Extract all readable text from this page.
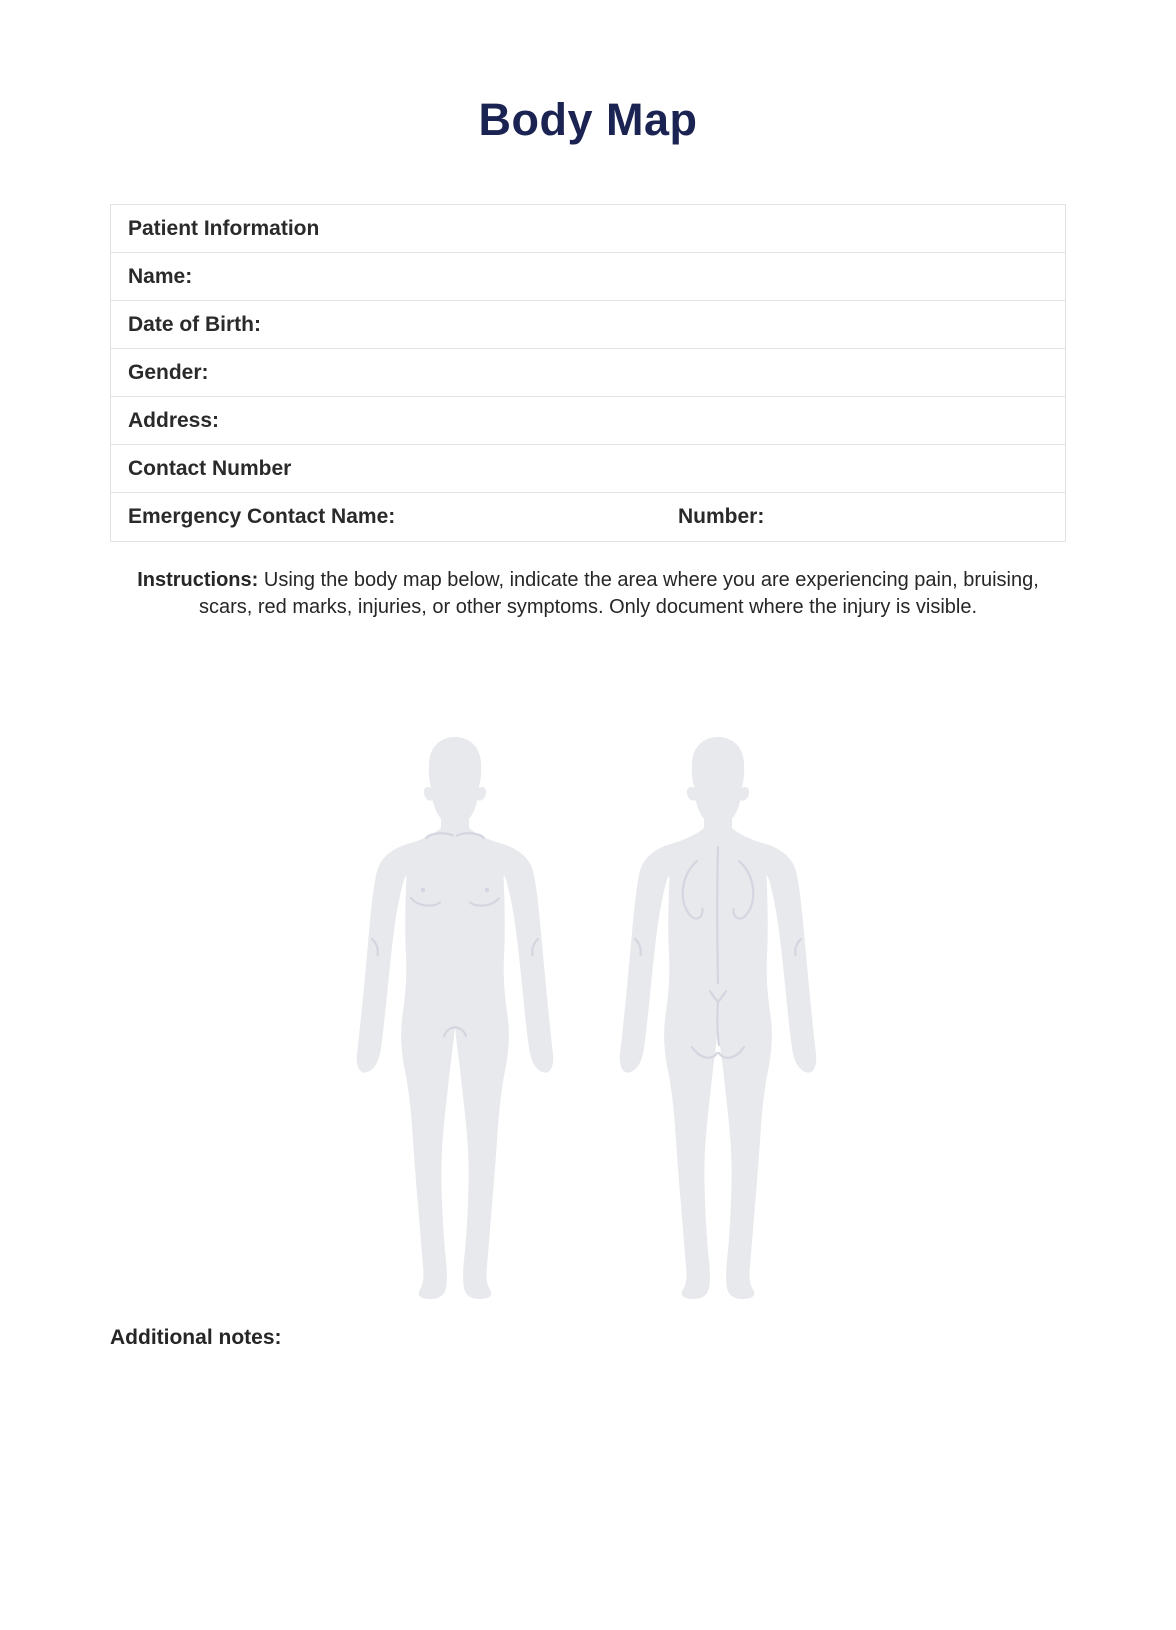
Body Map
Patient Information
Name:
Date of Birth:
Gender:
Address:
Contact Number
Emergency Contact Name:	Number:
Instructions: Using the body map below, indicate the area where you are experiencing pain, bruising, scars, red marks, injuries, or other symptoms. Only document where the injury is visible.
Additional notes:
